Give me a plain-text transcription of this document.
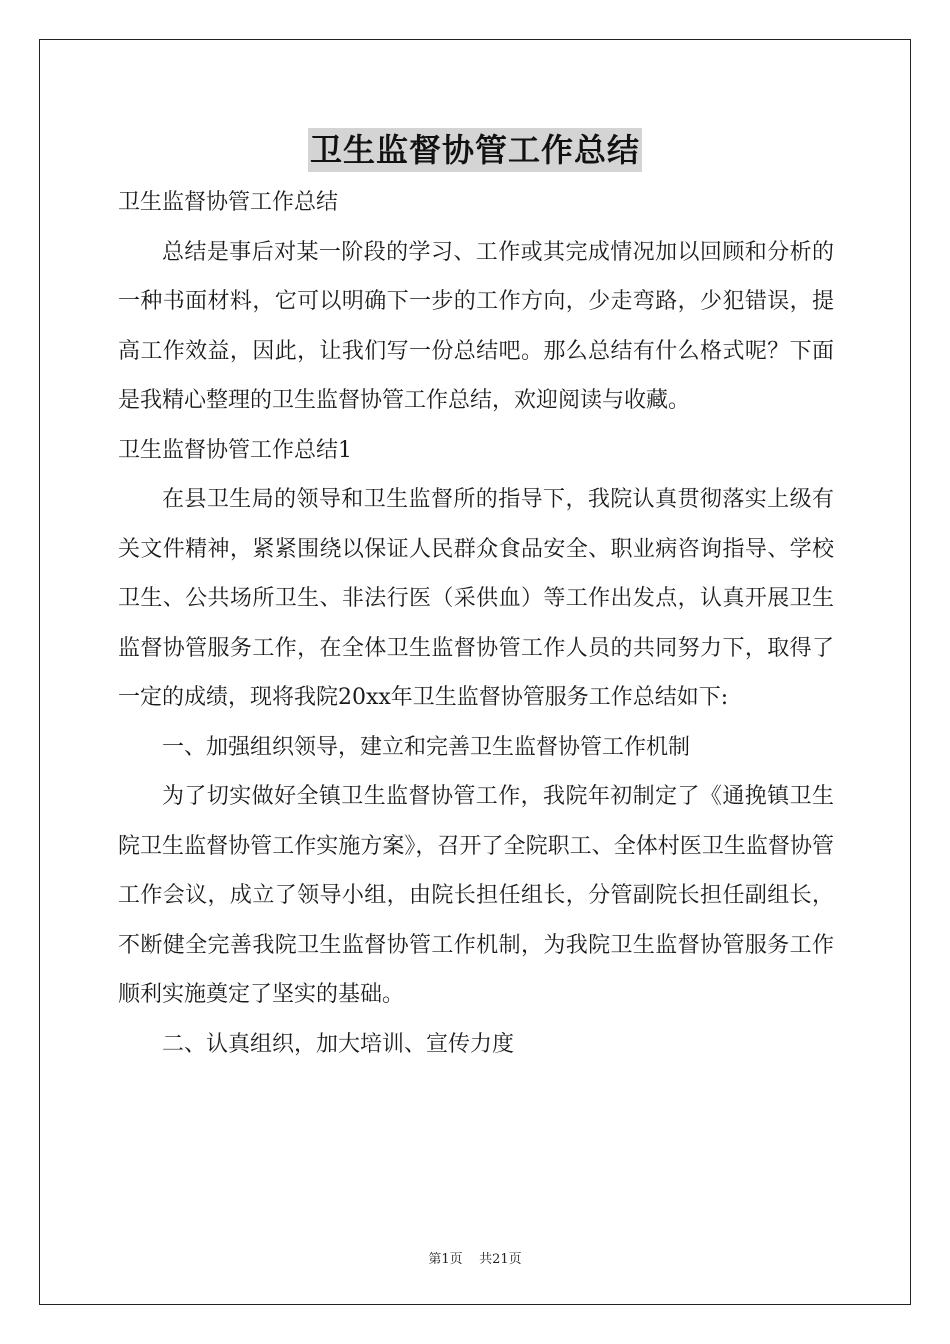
卫生监督协管工作总结

卫生监督协管工作总结

总结是事后对某一阶段的学习、工作或其完成情况加以回顾和分析的一种书面材料，它可以明确下一步的工作方向，少走弯路，少犯错误，提高工作效益，因此，让我们写一份总结吧。那么总结有什么格式呢？下面是我精心整理的卫生监督协管工作总结，欢迎阅读与收藏。

卫生监督协管工作总结1

在县卫生局的领导和卫生监督所的指导下，我院认真贯彻落实上级有关文件精神，紧紧围绕以保证人民群众食品安全、职业病咨询指导、学校卫生、公共场所卫生、非法行医（采供血）等工作出发点，认真开展卫生监督协管服务工作，在全体卫生监督协管工作人员的共同努力下，取得了一定的成绩，现将我院20xx年卫生监督协管服务工作总结如下:

一、加强组织领导，建立和完善卫生监督协管工作机制

为了切实做好全镇卫生监督协管工作，我院年初制定了《通挽镇卫生院卫生监督协管工作实施方案》，召开了全院职工、全体村医卫生监督协管工作会议，成立了领导小组，由院长担任组长，分管副院长担任副组长，不断健全完善我院卫生监督协管工作机制，为我院卫生监督协管服务工作顺利实施奠定了坚实的基础。

二、认真组织，加大培训、宣传力度

第1页 共21页
